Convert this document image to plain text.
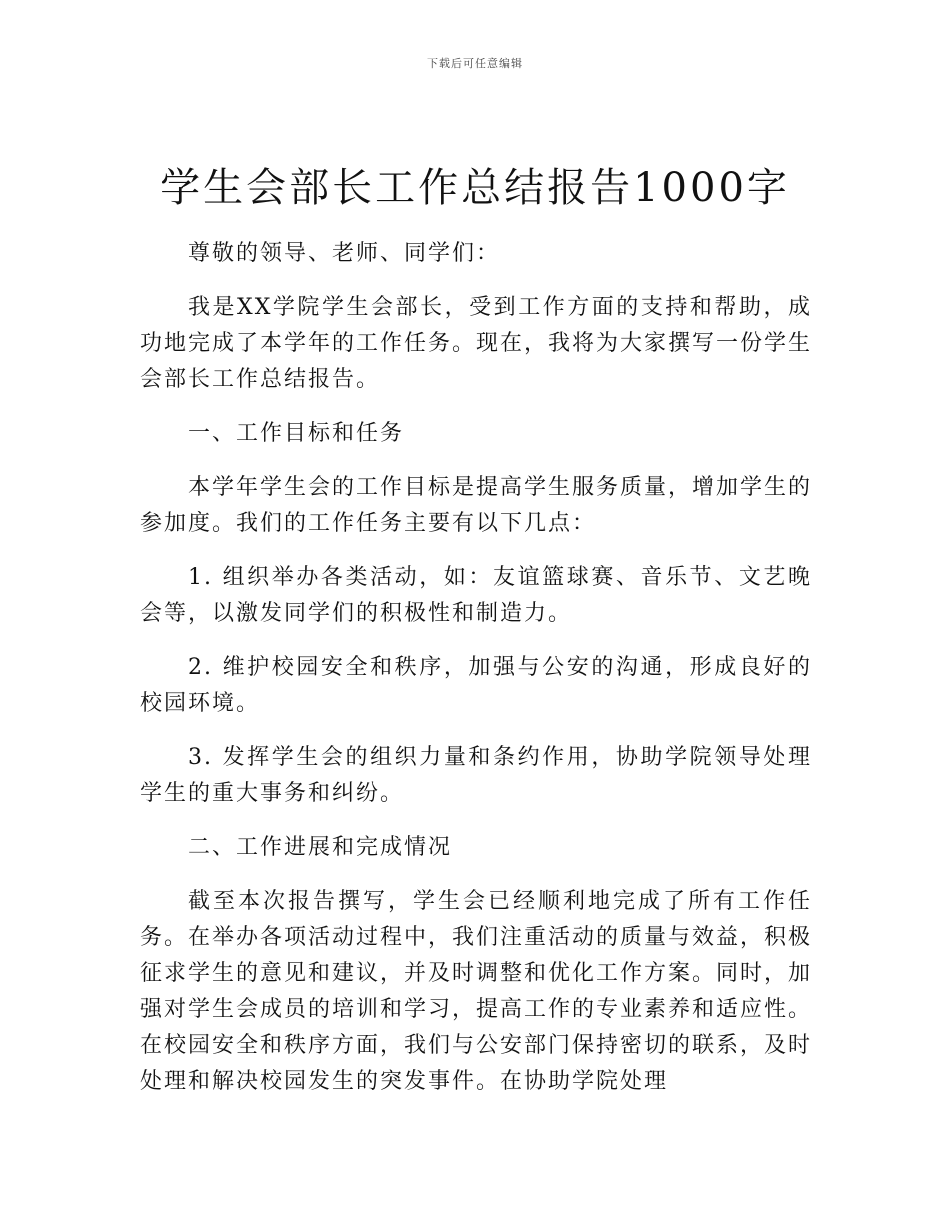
下载后可任意编辑
学生会部长工作总结报告1000字

尊敬的领导、老师、同学们：

我是XX学院学生会部长，受到工作方面的支持和帮助，成功地完成了本学年的工作任务。现在，我将为大家撰写一份学生会部长工作总结报告。

一、工作目标和任务

本学年学生会的工作目标是提高学生服务质量，增加学生的参加度。我们的工作任务主要有以下几点：

1. 组织举办各类活动，如：友谊篮球赛、音乐节、文艺晚会等，以激发同学们的积极性和制造力。

2. 维护校园安全和秩序，加强与公安的沟通，形成良好的校园环境。

3. 发挥学生会的组织力量和条约作用，协助学院领导处理学生的重大事务和纠纷。

二、工作进展和完成情况

截至本次报告撰写，学生会已经顺利地完成了所有工作任务。在举办各项活动过程中，我们注重活动的质量与效益，积极征求学生的意见和建议，并及时调整和优化工作方案。同时，加强对学生会成员的培训和学习，提高工作的专业素养和适应性。在校园安全和秩序方面，我们与公安部门保持密切的联系，及时处理和解决校园发生的突发事件。在协助学院处理
